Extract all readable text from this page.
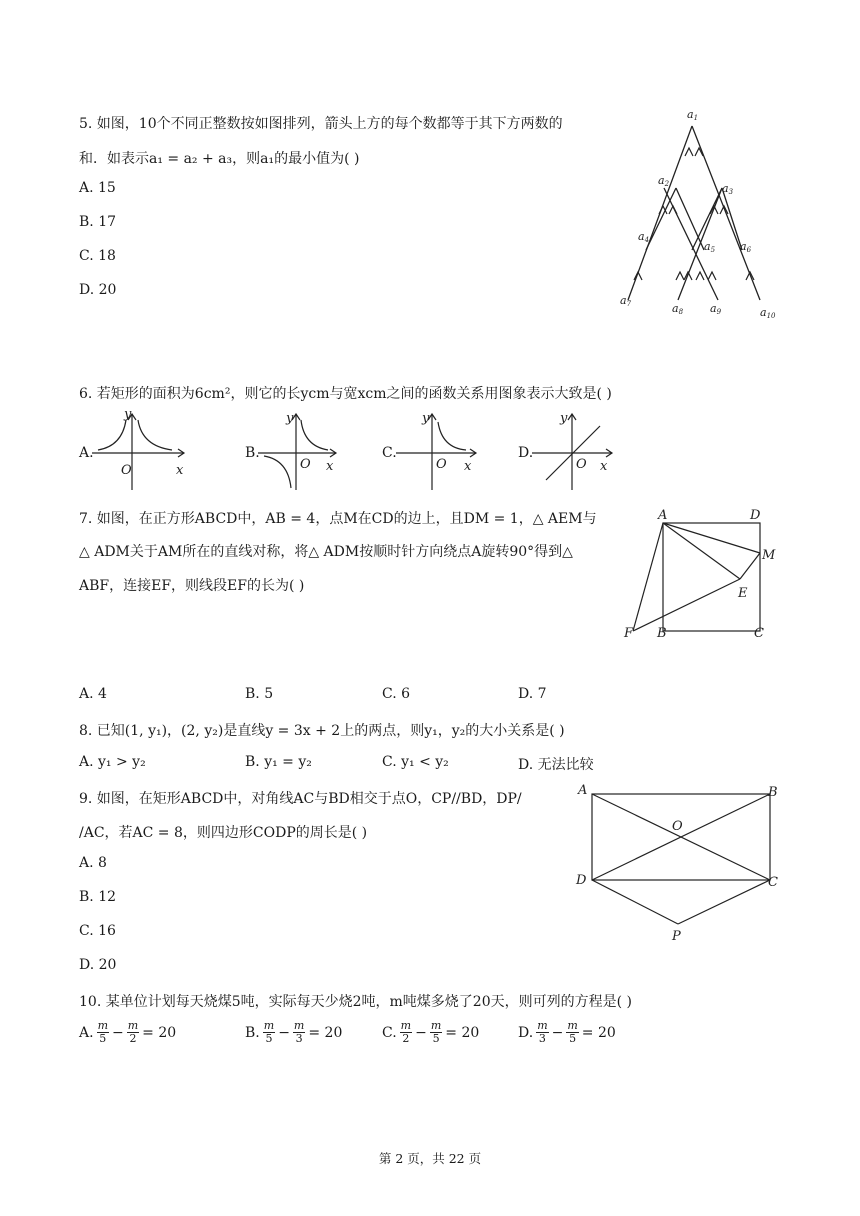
5. 如图，10个不同正整数按如图排列，箭头上方的每个数都等于其下方两数的
和．如表示a₁ = a₂ + a₃，则a₁的最小值为( )
A. 15
B. 17
C. 18
D. 20
a1
a2	a3
a4	a5 a6
a7	a8 a9	a10
6. 若矩形的面积为6cm²，则它的长ycm与宽xcm之间的函数关系用图象表示大致是( )
A.
O	x
y
B.
O x
y
C.
O x
y
D.
O x
y
7. 如图，在正方形ABCD中，AB = 4，点M在CD的边上，且DM = 1，△ AEM与
△ ADM关于AM所在的直线对称，将△ ADM按顺时针方向绕点A旋转90°得到△
ABF，连接EF，则线段EF的长为( )
A	D
M
E
F B	C
A. 4	B. 5	C. 6	D. 7
8. 已知(1, y₁)，(2, y₂)是直线y = 3x + 2上的两点，则y₁，y₂的大小关系是( )
A. y₁ > y₂	B. y₁ = y₂	C. y₁ < y₂	D. 无法比较
9. 如图，在矩形ABCD中，对角线AC与BD相交于点O，CP//BD，DP/
/AC，若AC = 8，则四边形CODP的周长是( )
A. 8
B. 12
C. 16
D. 20
A	B
O
D	C
P
10. 某单位计划每天烧煤5吨，实际每天少烧2吨，m吨煤多烧了20天，则可列的方程是( )
A. m
$5 - \frac{m}{2} = 20$	B. m
$5 - \frac{m}{3} = 20$	C. m
$2 - \frac{m}{5} = 20$	D. m
$3 - \frac{m}{5} = 20$
第 2 页，共 22 页
